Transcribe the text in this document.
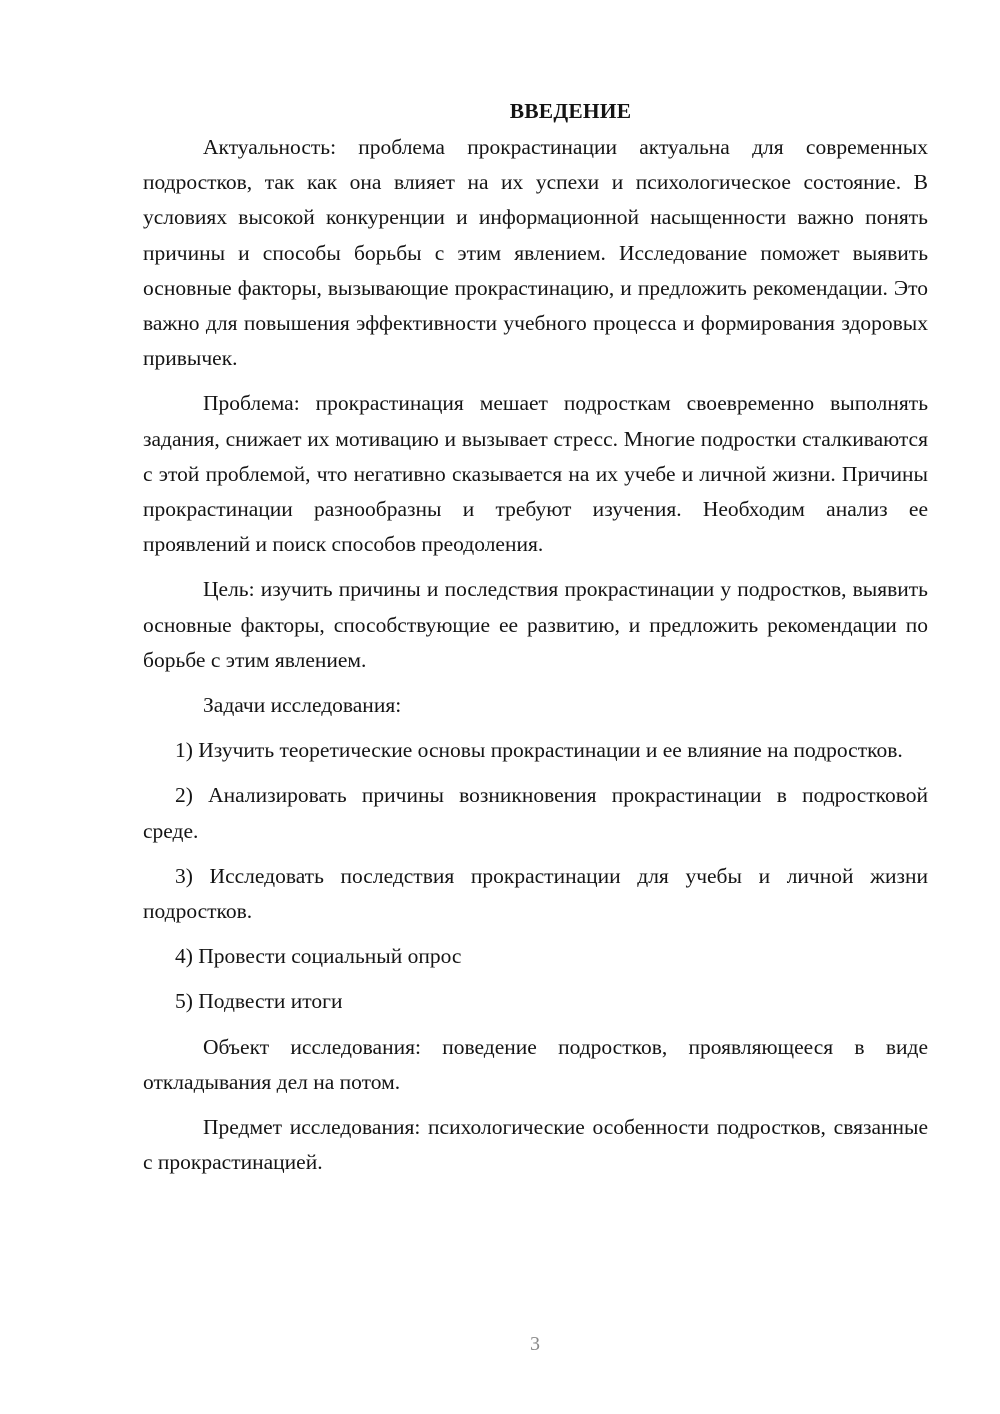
ВВЕДЕНИЕ

Актуальность: проблема прокрастинации актуальна для современных подростков, так как она влияет на их успехи и психологическое состояние. В условиях высокой конкуренции и информационной насыщенности важно понять причины и способы борьбы с этим явлением. Исследование поможет выявить основные факторы, вызывающие прокрастинацию, и предложить рекомендации. Это важно для повышения эффективности учебного процесса и формирования здоровых привычек.

Проблема: прокрастинация мешает подросткам своевременно выполнять задания, снижает их мотивацию и вызывает стресс. Многие подростки сталкиваются с этой проблемой, что негативно сказывается на их учебе и личной жизни. Причины прокрастинации разнообразны и требуют изучения. Необходим анализ ее проявлений и поиск способов преодоления.

Цель: изучить причины и последствия прокрастинации у подростков, выявить основные факторы, способствующие ее развитию, и предложить рекомендации по борьбе с этим явлением.

Задачи исследования:

1) Изучить теоретические основы прокрастинации и ее влияние на подростков.

2) Анализировать причины возникновения прокрастинации в подростковой среде.

3) Исследовать последствия прокрастинации для учебы и личной жизни подростков.

4) Провести социальный опрос

5) Подвести итоги

Объект исследования: поведение подростков, проявляющееся в виде откладывания дел на потом.

Предмет исследования: психологические особенности подростков, связанные с прокрастинацией.

3
